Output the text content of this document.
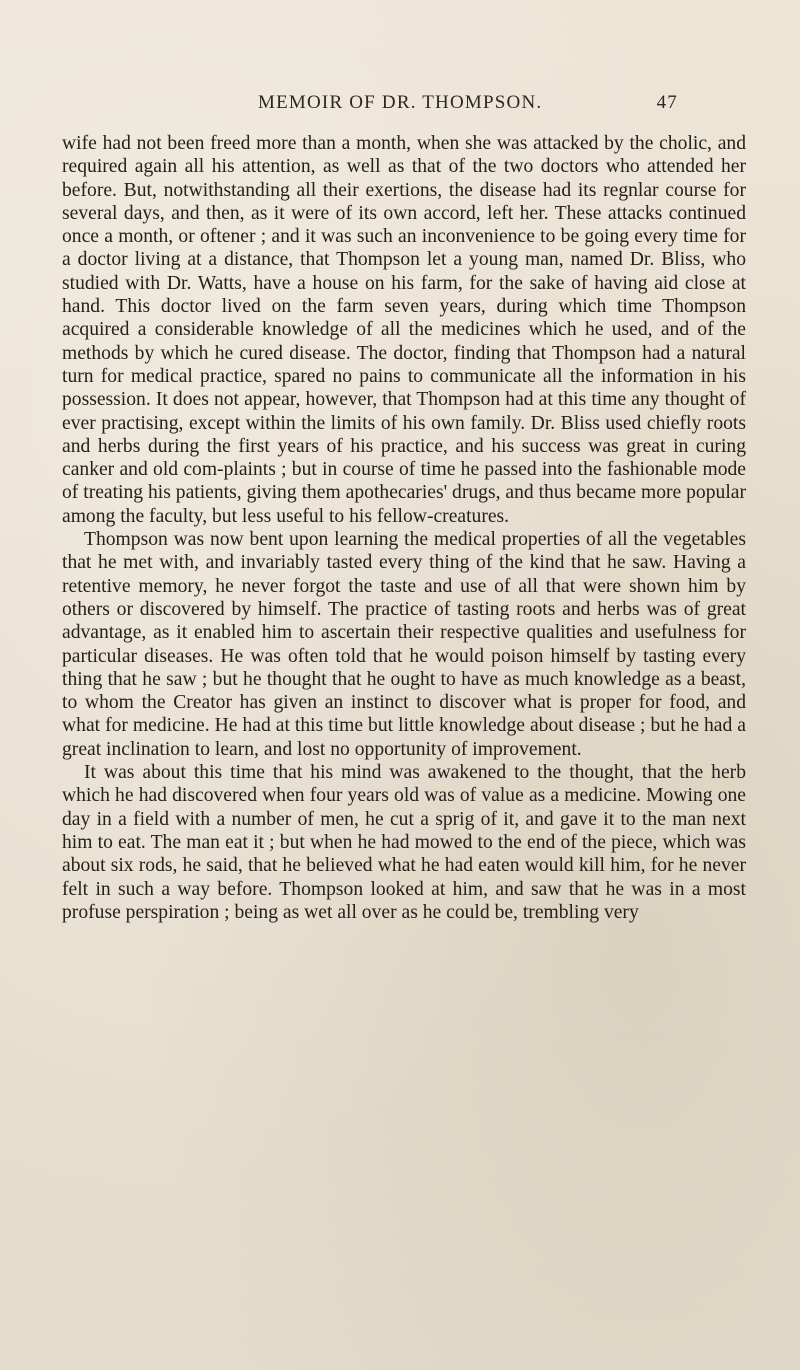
MEMOIR OF DR. THOMPSON.	47

wife had not been freed more than a month, when she was attacked by the cholic, and required again all his attention, as well as that of the two doctors who attended her before. But, notwithstanding all their exertions, the disease had its regnlar course for several days, and then, as it were of its own accord, left her. These attacks continued once a month, or oftener ; and it was such an inconvenience to be going every time for a doctor living at a distance, that Thompson let a young man, named Dr. Bliss, who studied with Dr. Watts, have a house on his farm, for the sake of having aid close at hand. This doctor lived on the farm seven years, during which time Thompson acquired a considerable knowledge of all the medicines which he used, and of the methods by which he cured disease. The doctor, finding that Thompson had a natural turn for medical practice, spared no pains to communicate all the information in his possession. It does not appear, however, that Thompson had at this time any thought of ever practising, except within the limits of his own family. Dr. Bliss used chiefly roots and herbs during the first years of his practice, and his success was great in curing canker and old com-plaints ; but in course of time he passed into the fashionable mode of treating his patients, giving them apothecaries' drugs, and thus became more popular among the faculty, but less useful to his fellow-creatures.

Thompson was now bent upon learning the medical properties of all the vegetables that he met with, and invariably tasted every thing of the kind that he saw. Having a retentive memory, he never forgot the taste and use of all that were shown him by others or discovered by himself. The practice of tasting roots and herbs was of great advantage, as it enabled him to ascertain their respective qualities and usefulness for particular diseases. He was often told that he would poison himself by tasting every thing that he saw ; but he thought that he ought to have as much knowledge as a beast, to whom the Creator has given an instinct to discover what is proper for food, and what for medicine. He had at this time but little knowledge about disease ; but he had a great inclination to learn, and lost no opportunity of improvement.

It was about this time that his mind was awakened to the thought, that the herb which he had discovered when four years old was of value as a medicine. Mowing one day in a field with a number of men, he cut a sprig of it, and gave it to the man next him to eat. The man eat it ; but when he had mowed to the end of the piece, which was about six rods, he said, that he believed what he had eaten would kill him, for he never felt in such a way before. Thompson looked at him, and saw that he was in a most profuse perspiration ; being as wet all over as he could be, trembling very
